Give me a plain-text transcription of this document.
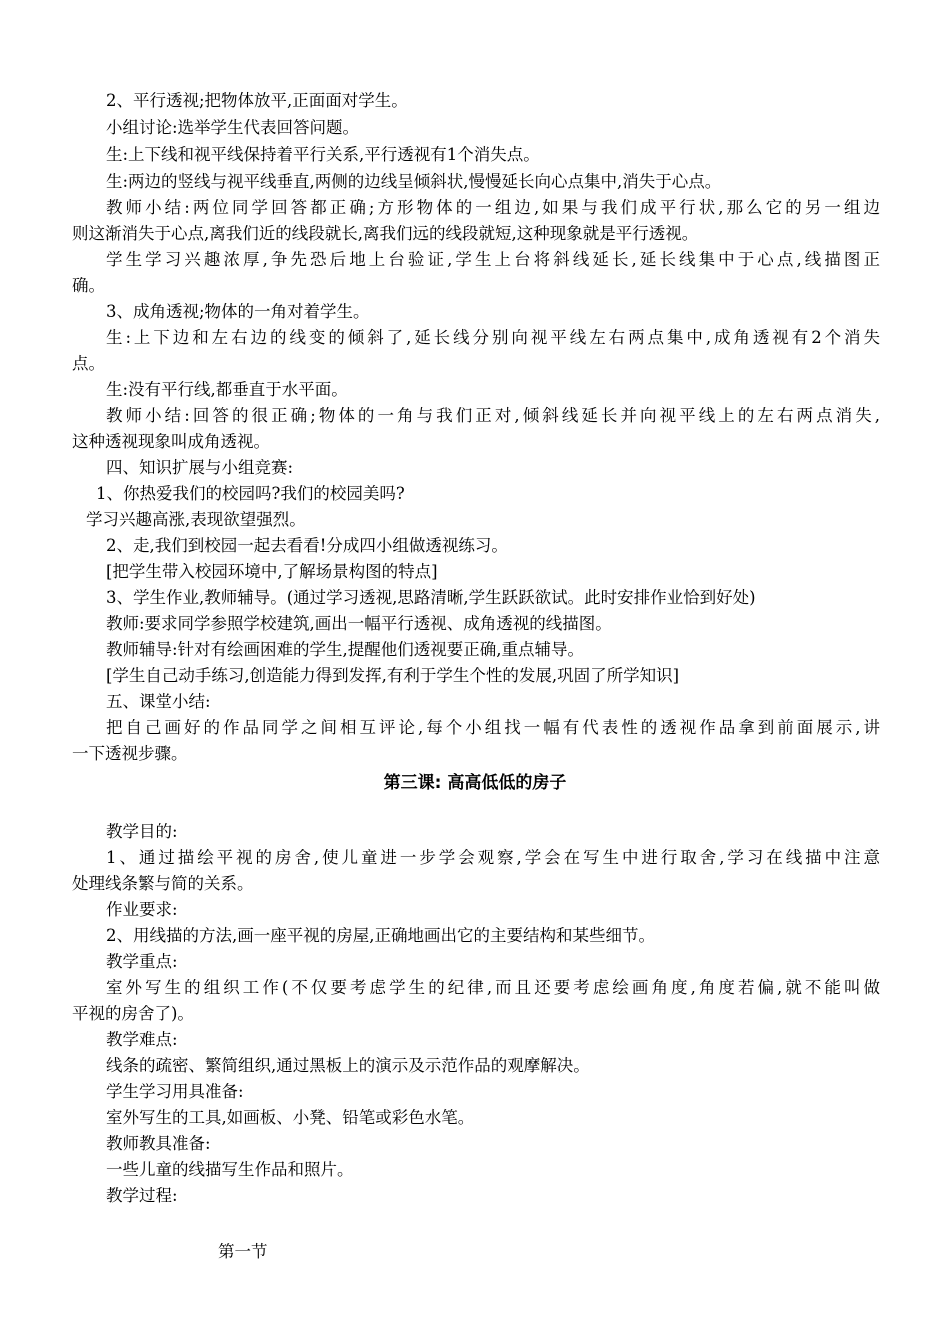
2、平行透视;把物体放平,正面面对学生。
小组讨论:选举学生代表回答问题。
生:上下线和视平线保持着平行关系,平行透视有1个消失点。
生:两边的竖线与视平线垂直,两侧的边线呈倾斜状,慢慢延长向心点集中,消失于心点。
教师小结:两位同学回答都正确;方形物体的一组边,如果与我们成平行状,那么它的另一组边
则这渐消失于心点,离我们近的线段就长,离我们远的线段就短,这种现象就是平行透视。
学生学习兴趣浓厚,争先恐后地上台验证,学生上台将斜线延长,延长线集中于心点,线描图正
确。
3、成角透视;物体的一角对着学生。
生:上下边和左右边的线变的倾斜了,延长线分别向视平线左右两点集中,成角透视有2个消失
点。
生:没有平行线,都垂直于水平面。
教师小结:回答的很正确;物体的一角与我们正对,倾斜线延长并向视平线上的左右两点消失,
这种透视现象叫成角透视。
四、知识扩展与小组竞赛:
1、你热爱我们的校园吗?我们的校园美吗?
学习兴趣高涨,表现欲望强烈。
2、走,我们到校园一起去看看!分成四小组做透视练习。
[把学生带入校园环境中,了解场景构图的特点]
3、学生作业,教师辅导。(通过学习透视,思路清晰,学生跃跃欲试。此时安排作业恰到好处)
教师:要求同学参照学校建筑,画出一幅平行透视、成角透视的线描图。
教师辅导:针对有绘画困难的学生,提醒他们透视要正确,重点辅导。
[学生自己动手练习,创造能力得到发挥,有利于学生个性的发展,巩固了所学知识]
五、课堂小结:
把自己画好的作品同学之间相互评论,每个小组找一幅有代表性的透视作品拿到前面展示,讲
一下透视步骤。
第三课: 高高低低的房子
教学目的:
1、通过描绘平视的房舍,使儿童进一步学会观察,学会在写生中进行取舍,学习在线描中注意
处理线条繁与简的关系。
作业要求:
2、用线描的方法,画一座平视的房屋,正确地画出它的主要结构和某些细节。
教学重点:
室外写生的组织工作(不仅要考虑学生的纪律,而且还要考虑绘画角度,角度若偏,就不能叫做
平视的房舍了)。
教学难点:
线条的疏密、繁简组织,通过黑板上的演示及示范作品的观摩解决。
学生学习用具准备:
室外写生的工具,如画板、小凳、铅笔或彩色水笔。
教师教具准备:
一些儿童的线描写生作品和照片。
教学过程:
第一节
